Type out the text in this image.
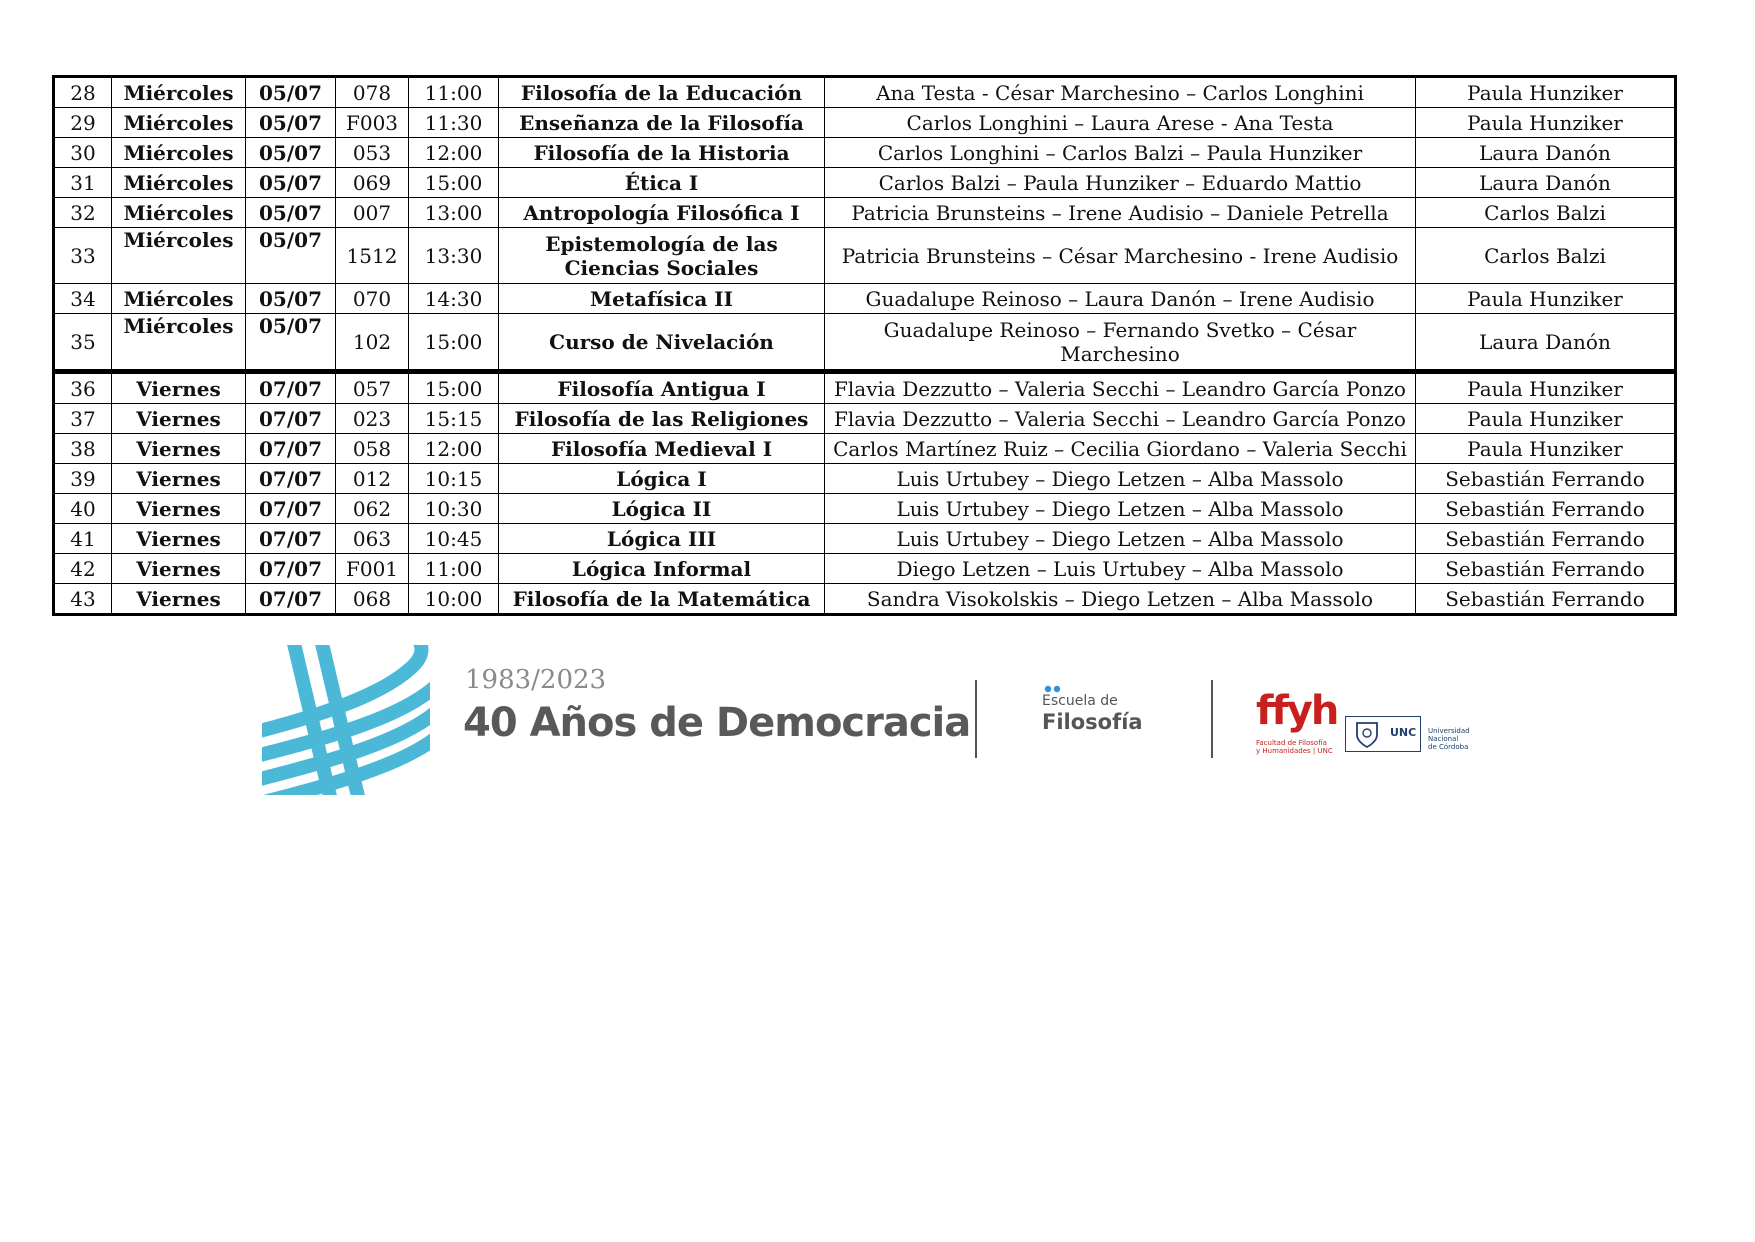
28	Miércoles	05/07	078	11:00	Filosofía de la Educación	Ana Testa - César Marchesino – Carlos Longhini	Paula Hunziker
29	Miércoles	05/07	F003	11:30	Enseñanza de la Filosofía	Carlos Longhini – Laura Arese - Ana Testa	Paula Hunziker
30	Miércoles	05/07	053	12:00	Filosofía de la Historia	Carlos Longhini – Carlos Balzi – Paula Hunziker	Laura Danón
31	Miércoles	05/07	069	15:00	Ética I	Carlos Balzi – Paula Hunziker – Eduardo Mattio	Laura Danón
32	Miércoles	05/07	007	13:00	Antropología Filosófica I	Patricia Brunsteins – Irene Audisio – Daniele Petrella	Carlos Balzi
33	Miércoles	05/07	1512	13:30	Epistemología de las Ciencias Sociales	Patricia Brunsteins – César Marchesino - Irene Audisio	Carlos Balzi
34	Miércoles	05/07	070	14:30	Metafísica II	Guadalupe Reinoso – Laura Danón – Irene Audisio	Paula Hunziker
35	Miércoles	05/07	102	15:00	Curso de Nivelación	Guadalupe Reinoso – Fernando Svetko – César Marchesino	Laura Danón
36	Viernes	07/07	057	15:00	Filosofía Antigua I	Flavia Dezzutto – Valeria Secchi – Leandro García Ponzo	Paula Hunziker
37	Viernes	07/07	023	15:15	Filosofía de las Religiones	Flavia Dezzutto – Valeria Secchi – Leandro García Ponzo	Paula Hunziker
38	Viernes	07/07	058	12:00	Filosofía Medieval I	Carlos Martínez Ruiz – Cecilia Giordano – Valeria Secchi	Paula Hunziker
39	Viernes	07/07	012	10:15	Lógica I	Luis Urtubey – Diego Letzen – Alba Massolo	Sebastián Ferrando
40	Viernes	07/07	062	10:30	Lógica II	Luis Urtubey – Diego Letzen – Alba Massolo	Sebastián Ferrando
41	Viernes	07/07	063	10:45	Lógica III	Luis Urtubey – Diego Letzen – Alba Massolo	Sebastián Ferrando
42	Viernes	07/07	F001	11:00	Lógica Informal	Diego Letzen – Luis Urtubey – Alba Massolo	Sebastián Ferrando
43	Viernes	07/07	068	10:00	Filosofía de la Matemática	Sandra Visokolskis – Diego Letzen – Alba Massolo	Sebastián Ferrando
1983/2023
40 Años de Democracia	Escuela de
Filosofía	ffyh
Facultad de Filosofía
y Humanidades | UNC
UNC Universidad
Nacional
de Córdoba
